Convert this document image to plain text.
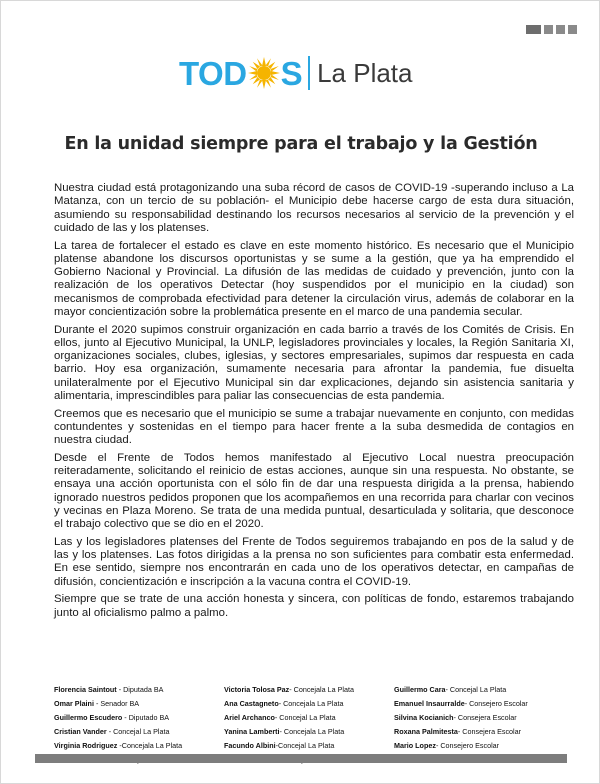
TOD S La Plata
En la unidad siempre para el trabajo y la Gestión

Nuestra ciudad está protagonizando una suba récord de casos de COVID-19 -superando incluso a La Matanza, con un tercio de su población- el Municipio debe hacerse cargo de esta dura situación, asumiendo su responsabilidad destinando los recursos necesarios al servicio de la prevención y el cuidado de las y los platenses.

La tarea de fortalecer el estado es clave en este momento histórico. Es necesario que el Municipio platense abandone los discursos oportunistas y se sume a la gestión, que ya ha emprendido el Gobierno Nacional y Provincial. La difusión de las medidas de cuidado y prevención, junto con la realización de los operativos Detectar (hoy suspendidos por el municipio en la ciudad) son mecanismos de comprobada efectividad para detener la circulación virus, además de colaborar en la mayor concientización sobre la problemática presente en el marco de una pandemia secular.

Durante el 2020 supimos construir organización en cada barrio a través de los Comités de Crisis. En ellos, junto al Ejecutivo Municipal, la UNLP, legisladores provinciales y locales, la Región Sanitaria XI, organizaciones sociales, clubes, iglesias, y sectores empresariales, supimos dar respuesta en cada barrio. Hoy esa organización, sumamente necesaria para afrontar la pandemia, fue disuelta unilateralmente por el Ejecutivo Municipal sin dar explicaciones, dejando sin asistencia sanitaria y alimentaria, imprescindibles para paliar las consecuencias de esta pandemia.

Creemos que es necesario que el municipio se sume a trabajar nuevamente en conjunto, con medidas contundentes y sostenidas en el tiempo para hacer frente a la suba desmedida de contagios en nuestra ciudad.

Desde el Frente de Todos hemos manifestado al Ejecutivo Local nuestra preocupación reiteradamente, solicitando el reinicio de estas acciones, aunque sin una respuesta. No obstante, se ensaya una acción oportunista con el sólo fin de dar una respuesta dirigida a la prensa, habiendo ignorado nuestros pedidos proponen que los acompañemos en una recorrida para charlar con vecinos y vecinas en Plaza Moreno. Se trata de una medida puntual, desarticulada y solitaria, que desconoce el trabajo colectivo que se dio en el 2020.

Las y los legisladores platenses del Frente de Todos seguiremos trabajando en pos de la salud y de las y los platenses. Las fotos dirigidas a la prensa no son suficientes para combatir esta enfermedad. En ese sentido, siempre nos encontrarán en cada uno de los operativos detectar, en campañas de difusión, concientización e inscripción a la vacuna contra el COVID-19.

Siempre que se trate de una acción honesta y sincera, con políticas de fondo, estaremos trabajando junto al oficialismo palmo a palmo.

Florencia Saintout - Diputada BA	Victoria Tolosa Paz- Concejala La Plata	Guillermo Cara- Concejal La Plata
Omar Plaini - Senador BA	Ana Castagneto- Concejala La Plata	Emanuel Insaurralde- Consejero Escolar
Guillermo Escudero - Diputado BA	Ariel Archanco- Concejal La Plata	Silvina Kocianich- Consejera Escolar
Cristian Vander - Concejal La Plata	Yanina Lamberti- Concejala La Plata	Roxana Palmitesta- Consejera Escolar
Virginia Rodriguez -Concejala La Plata	Facundo Albini-Concejal La Plata	Mario Lopez- Consejero Escolar
